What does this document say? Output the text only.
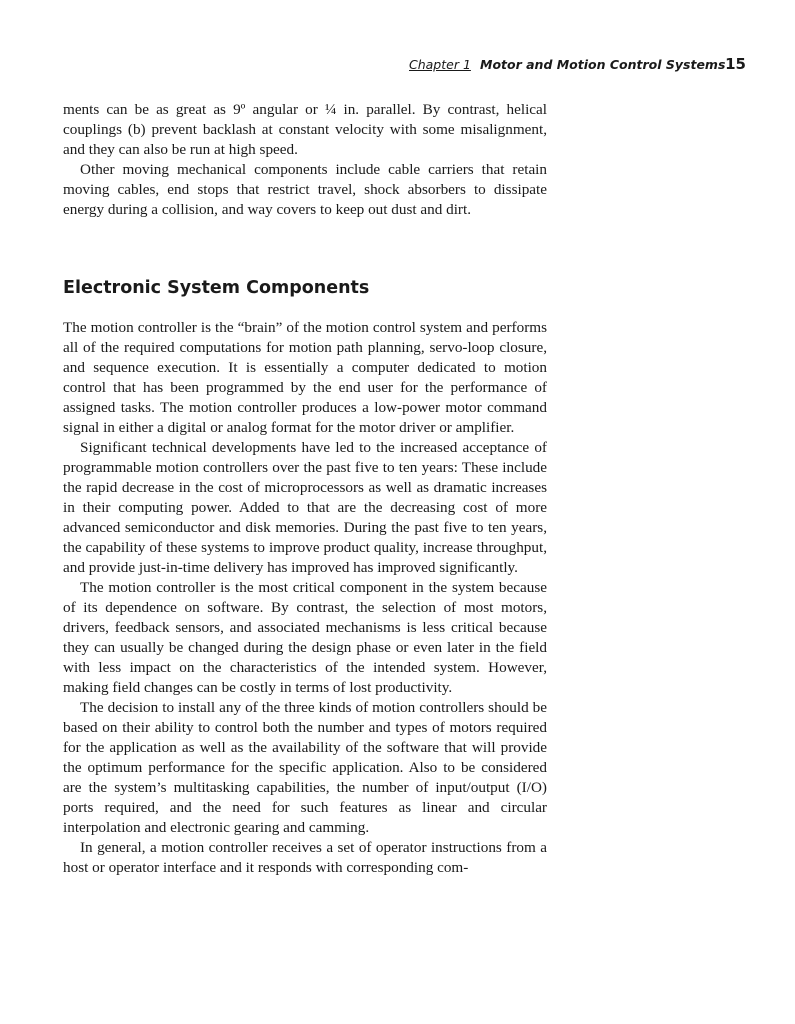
Chapter 1 Motor and Motion Control Systems 15

ments can be as great as 9º angular or ¼ in. parallel. By contrast, helical couplings (b) prevent backlash at constant velocity with some misalignment, and they can also be run at high speed.

Other moving mechanical components include cable carriers that retain moving cables, end stops that restrict travel, shock absorbers to dissipate energy during a collision, and way covers to keep out dust and dirt.

Electronic System Components

The motion controller is the “brain” of the motion control system and performs all of the required computations for motion path planning, servo-loop closure, and sequence execution. It is essentially a computer dedicated to motion control that has been programmed by the end user for the performance of assigned tasks. The motion controller produces a low-power motor command signal in either a digital or analog format for the motor driver or amplifier.

Significant technical developments have led to the increased acceptance of programmable motion controllers over the past five to ten years: These include the rapid decrease in the cost of microprocessors as well as dramatic increases in their computing power. Added to that are the decreasing cost of more advanced semiconductor and disk memories. During the past five to ten years, the capability of these systems to improve product quality, increase throughput, and provide just-in-time delivery has improved has improved significantly.

The motion controller is the most critical component in the system because of its dependence on software. By contrast, the selection of most motors, drivers, feedback sensors, and associated mechanisms is less critical because they can usually be changed during the design phase or even later in the field with less impact on the characteristics of the intended system. However, making field changes can be costly in terms of lost productivity.

The decision to install any of the three kinds of motion controllers should be based on their ability to control both the number and types of motors required for the application as well as the availability of the software that will provide the optimum performance for the specific application. Also to be considered are the system’s multitasking capabilities, the number of input/output (I/O) ports required, and the need for such features as linear and circular interpolation and electronic gearing and camming.

In general, a motion controller receives a set of operator instructions from a host or operator interface and it responds with corresponding com-
